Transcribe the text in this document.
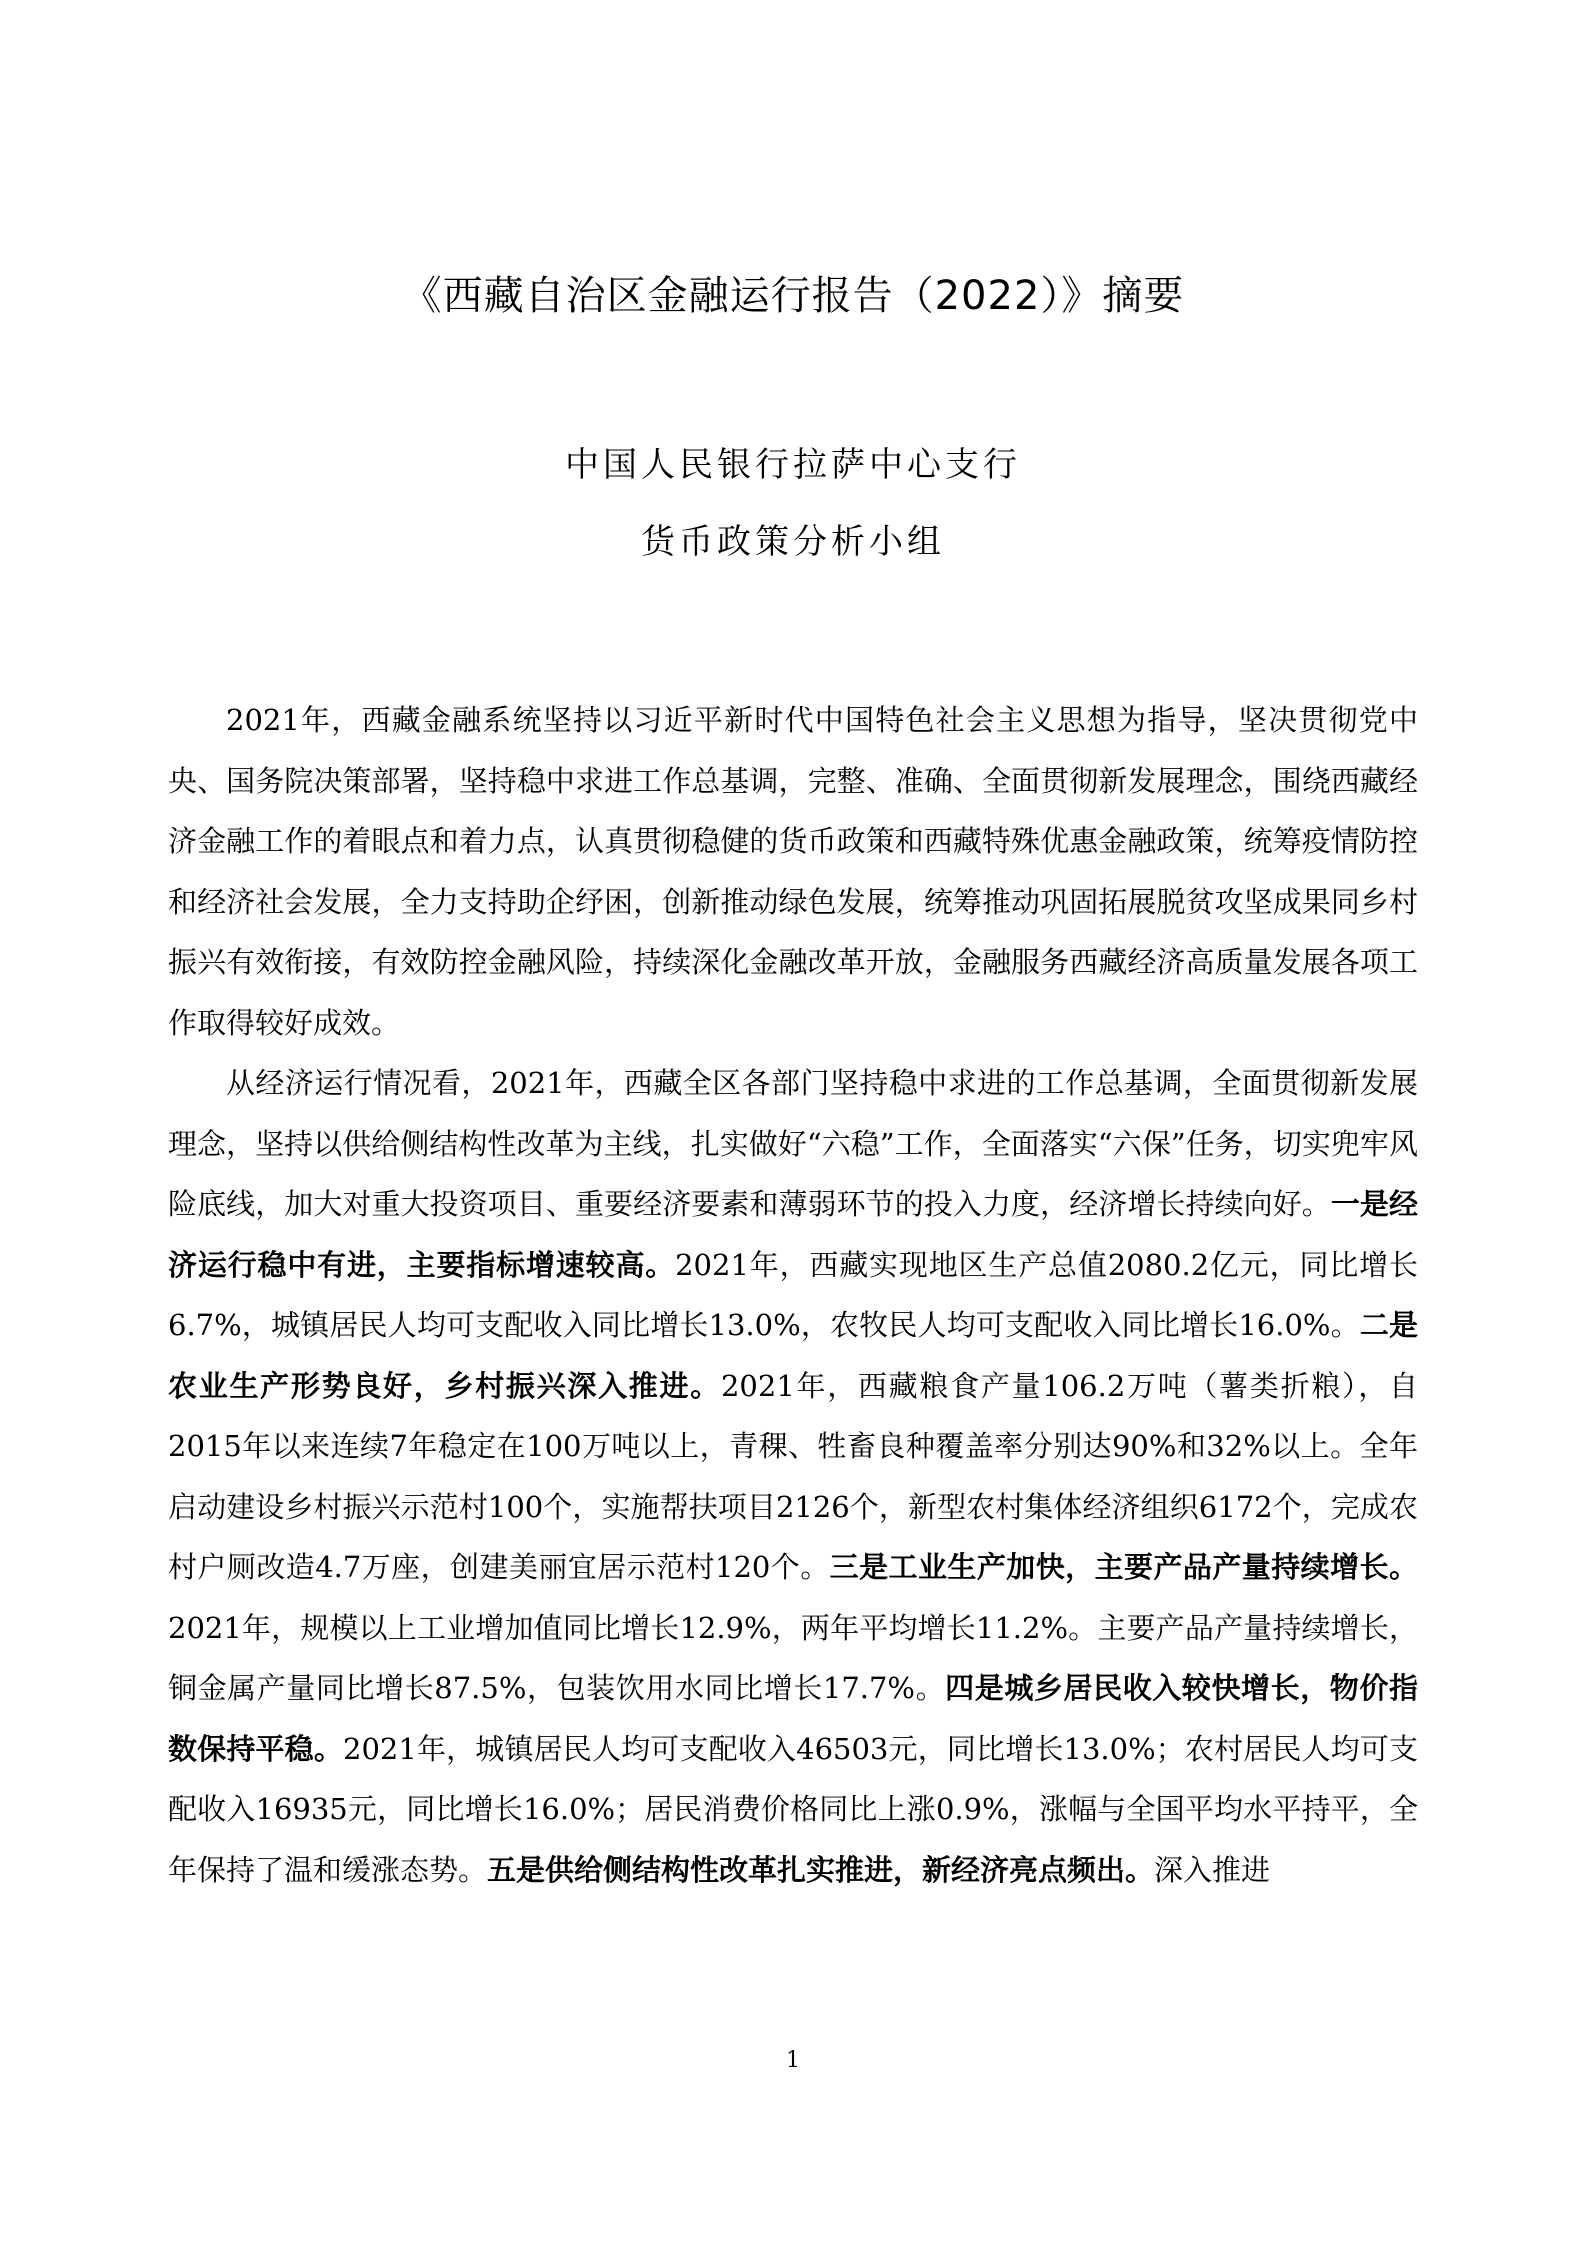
《西藏自治区金融运行报告（2022）》摘要
中国人民银行拉萨中心支行
货币政策分析小组

2021年，西藏金融系统坚持以习近平新时代中国特色社会主义思想为指导，坚决贯彻党中央、国务院决策部署，坚持稳中求进工作总基调，完整、准确、全面贯彻新发展理念，围绕西藏经济金融工作的着眼点和着力点，认真贯彻稳健的货币政策和西藏特殊优惠金融政策，统筹疫情防控和经济社会发展，全力支持助企纾困，创新推动绿色发展，统筹推动巩固拓展脱贫攻坚成果同乡村振兴有效衔接，有效防控金融风险，持续深化金融改革开放，金融服务西藏经济高质量发展各项工作取得较好成效。

从经济运行情况看，2021年，西藏全区各部门坚持稳中求进的工作总基调，全面贯彻新发展理念，坚持以供给侧结构性改革为主线，扎实做好“六稳”工作，全面落实“六保”任务，切实兜牢风险底线，加大对重大投资项目、重要经济要素和薄弱环节的投入力度，经济增长持续向好。一是经济运行稳中有进，主要指标增速较高。2021年，西藏实现地区生产总值2080.2亿元，同比增长6.7%，城镇居民人均可支配收入同比增长13.0%，农牧民人均可支配收入同比增长16.0%。二是农业生产形势良好，乡村振兴深入推进。2021年，西藏粮食产量106.2万吨（薯类折粮），自2015年以来连续7年稳定在100万吨以上，青稞、牲畜良种覆盖率分别达90%和32%以上。全年启动建设乡村振兴示范村100个，实施帮扶项目2126个，新型农村集体经济组织6172个，完成农村户厕改造4.7万座，创建美丽宜居示范村120个。三是工业生产加快，主要产品产量持续增长。2021年，规模以上工业增加值同比增长12.9%，两年平均增长11.2%。主要产品产量持续增长，铜金属产量同比增长87.5%，包装饮用水同比增长17.7%。四是城乡居民收入较快增长，物价指数保持平稳。2021年，城镇居民人均可支配收入46503元，同比增长13.0%；农村居民人均可支配收入16935元，同比增长16.0%；居民消费价格同比上涨0.9%，涨幅与全国平均水平持平，全年保持了温和缓涨态势。五是供给侧结构性改革扎实推进，新经济亮点频出。深入推进

1
